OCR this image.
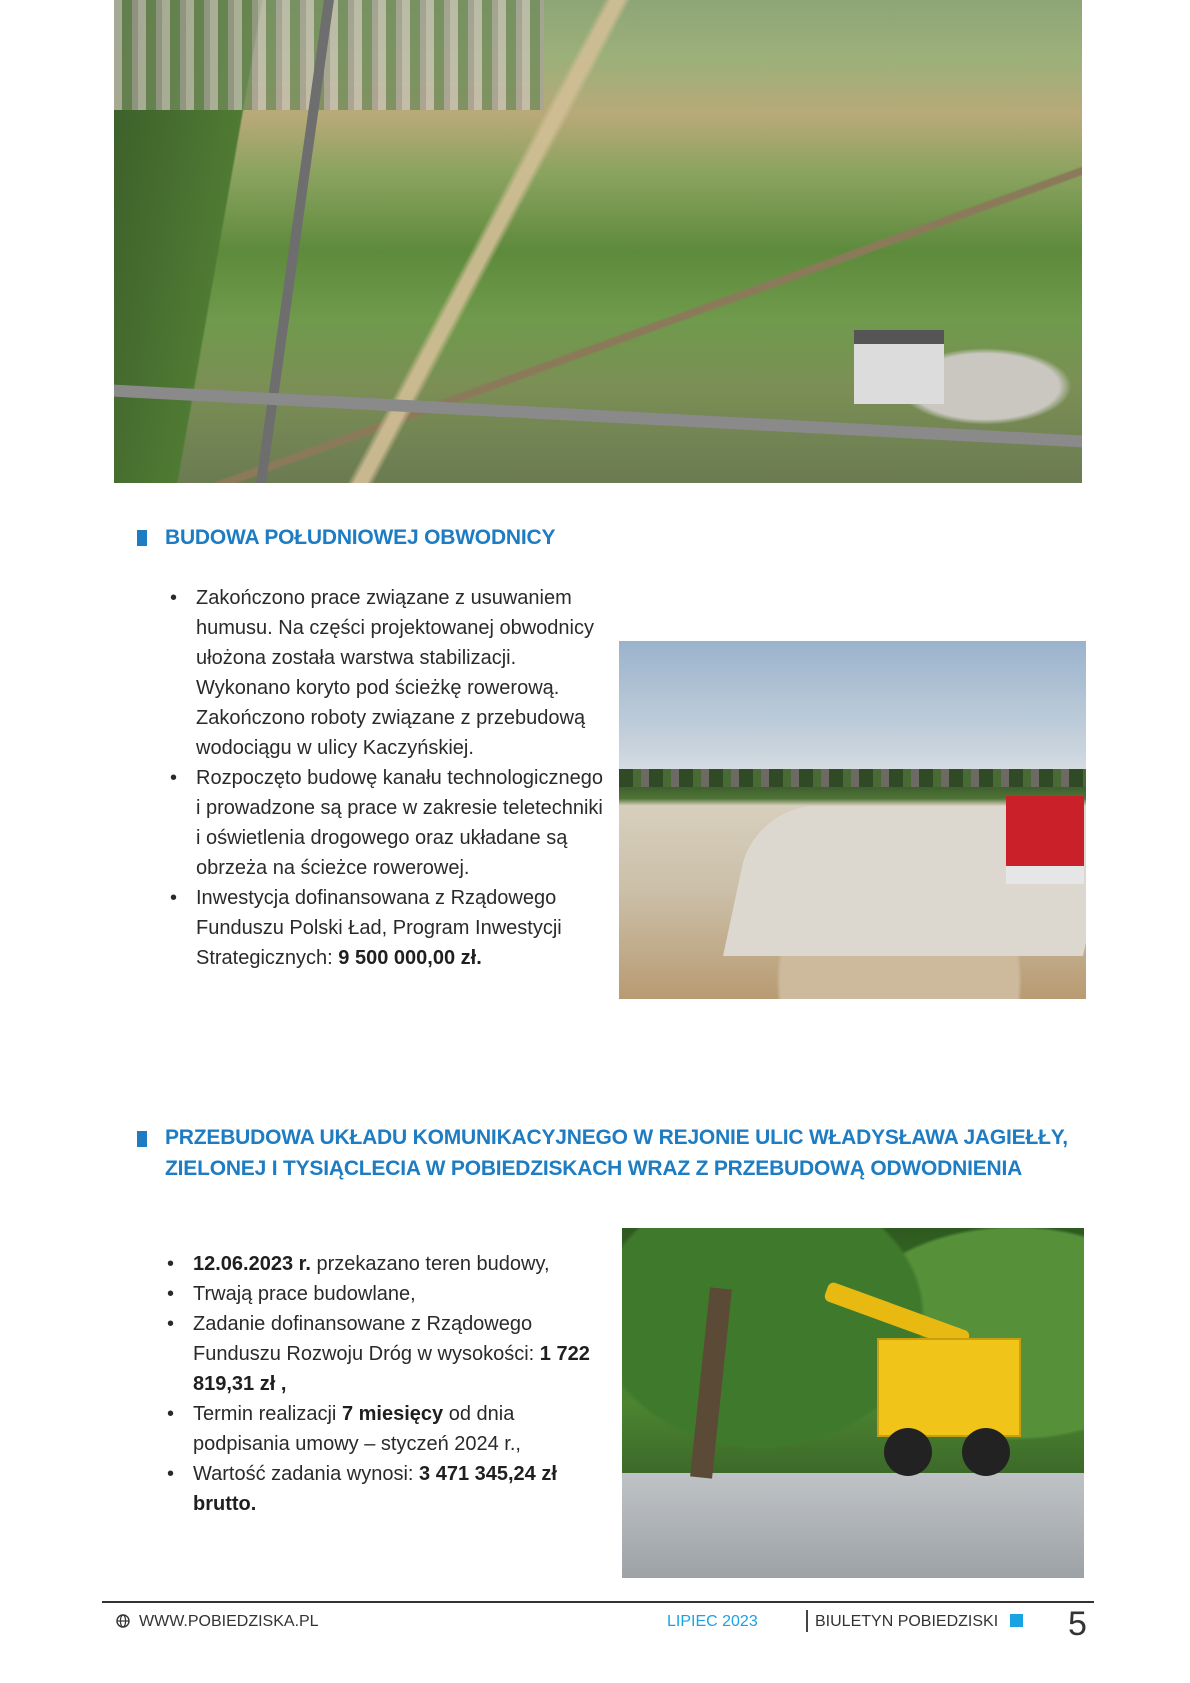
BUDOWA POŁUDNIOWEJ OBWODNICY
• Zakończono prace związane z usuwaniem humusu. Na części projektowanej obwodnicy ułożona została warstwa stabilizacji. Wykonano koryto pod ścieżkę rowerową. Zakończono roboty związane z przebudową wodociągu w ulicy Kaczyńskiej.
• Rozpoczęto budowę kanału technologicznego i prowadzone są prace w zakresie teletechniki i oświetlenia drogowego oraz układane są obrzeża na ścieżce rowerowej.
• Inwestycja dofinansowana z Rządowego Funduszu Polski Ład, Program Inwestycji Strategicznych: 9 500 000,00 zł.
PRZEBUDOWA UKŁADU KOMUNIKACYJNEGO W REJONIE ULIC WŁADYSŁAWA JAGIEŁŁY,
ZIELONEJ I TYSIĄCLECIA W POBIEDZISKACH WRAZ Z PRZEBUDOWĄ ODWODNIENIA
• 12.06.2023 r. przekazano teren budowy,
• Trwają prace budowlane,
• Zadanie dofinansowane z Rządowego Funduszu Rozwoju Dróg w wysokości: 1 722 819,31 zł ,
• Termin realizacji 7 miesięcy od dnia podpisania umowy – styczeń 2024 r.,
• Wartość zadania wynosi: 3 471 345,24 zł brutto.
WWW.POBIEDZISKA.PL	LIPIEC 2023	BIULETYN POBIEDZISKI 5
